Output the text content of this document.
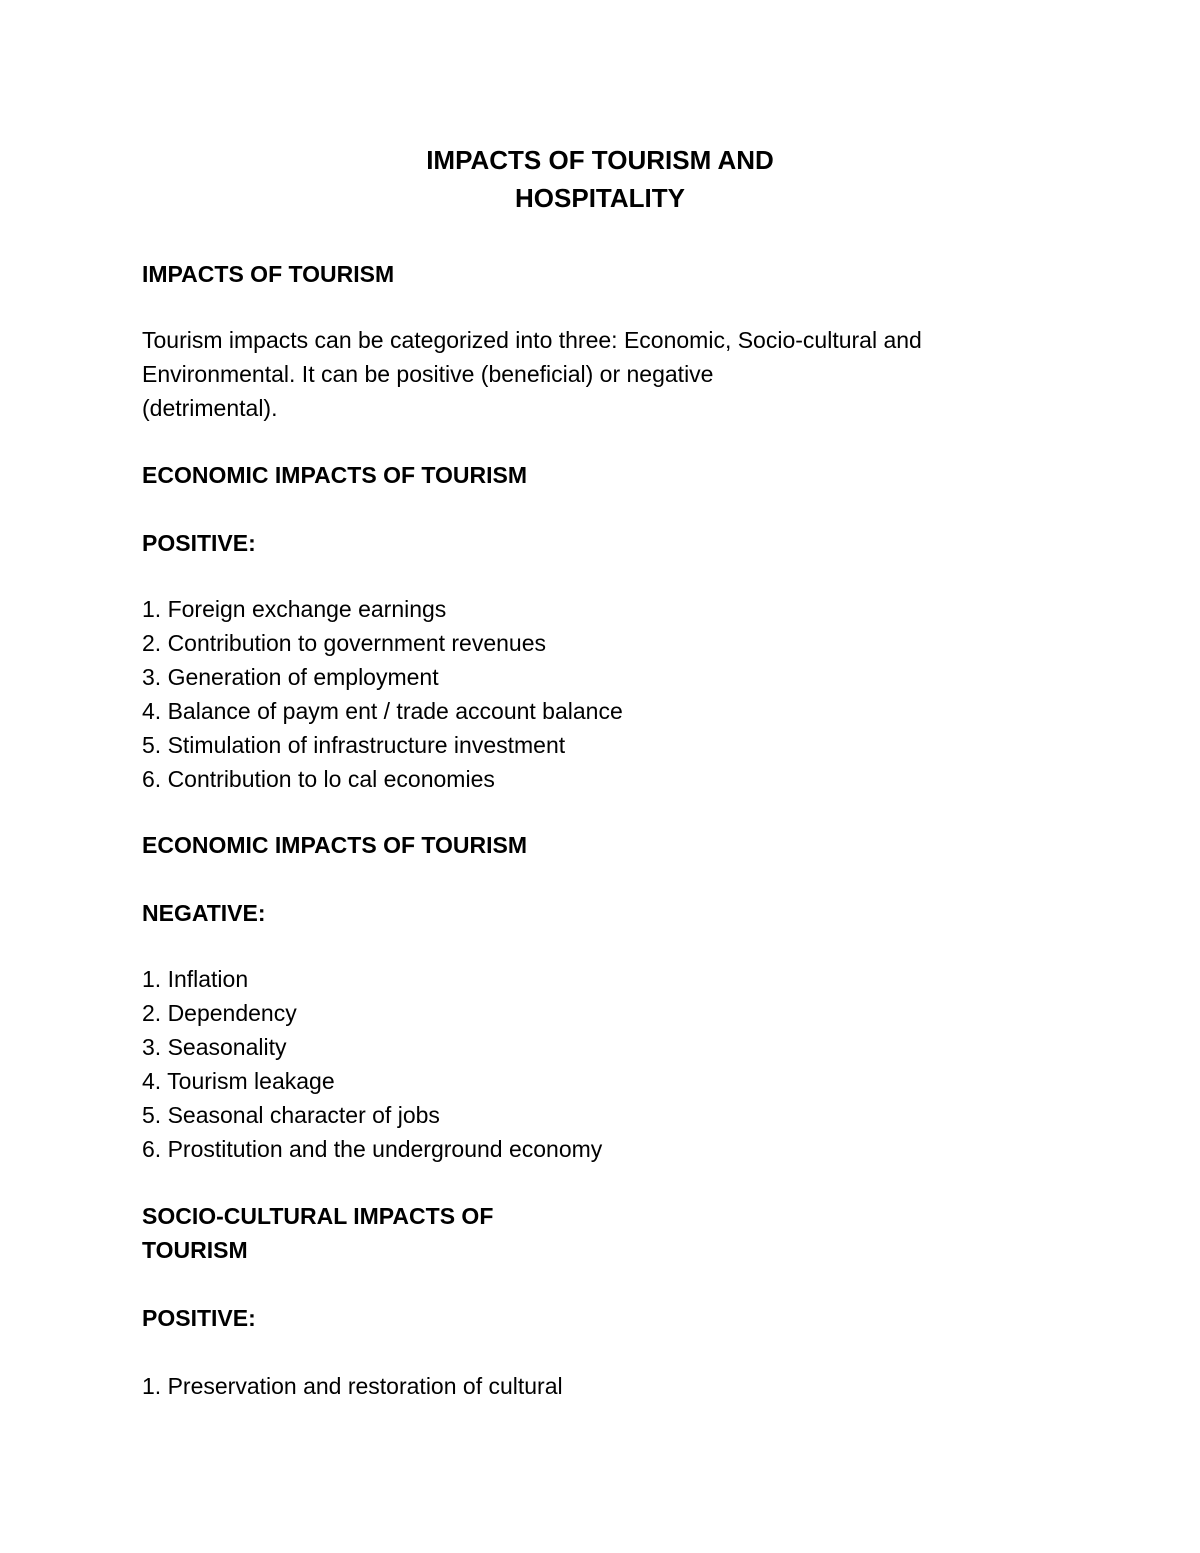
IMPACTS OF TOURISM AND
HOSPITALITY
IMPACTS OF TOURISM
Tourism impacts can be categorized into three: Economic, Socio-cultural and
Environmental. It can be positive (beneficial) or negative
(detrimental).
ECONOMIC IMPACTS OF TOURISM
POSITIVE:
1. Foreign exchange earnings
2. Contribution to government revenues
3. Generation of employment
4. Balance of paym ent / trade account balance
5. Stimulation of infrastructure investment
6. Contribution to lo cal economies
ECONOMIC IMPACTS OF TOURISM
NEGATIVE:
1. Inflation
2. Dependency
3. Seasonality
4. Tourism leakage
5. Seasonal character of jobs
6. Prostitution and the underground economy
SOCIO-CULTURAL IMPACTS OF
TOURISM
POSITIVE:
1. Preservation and restoration of cultural
